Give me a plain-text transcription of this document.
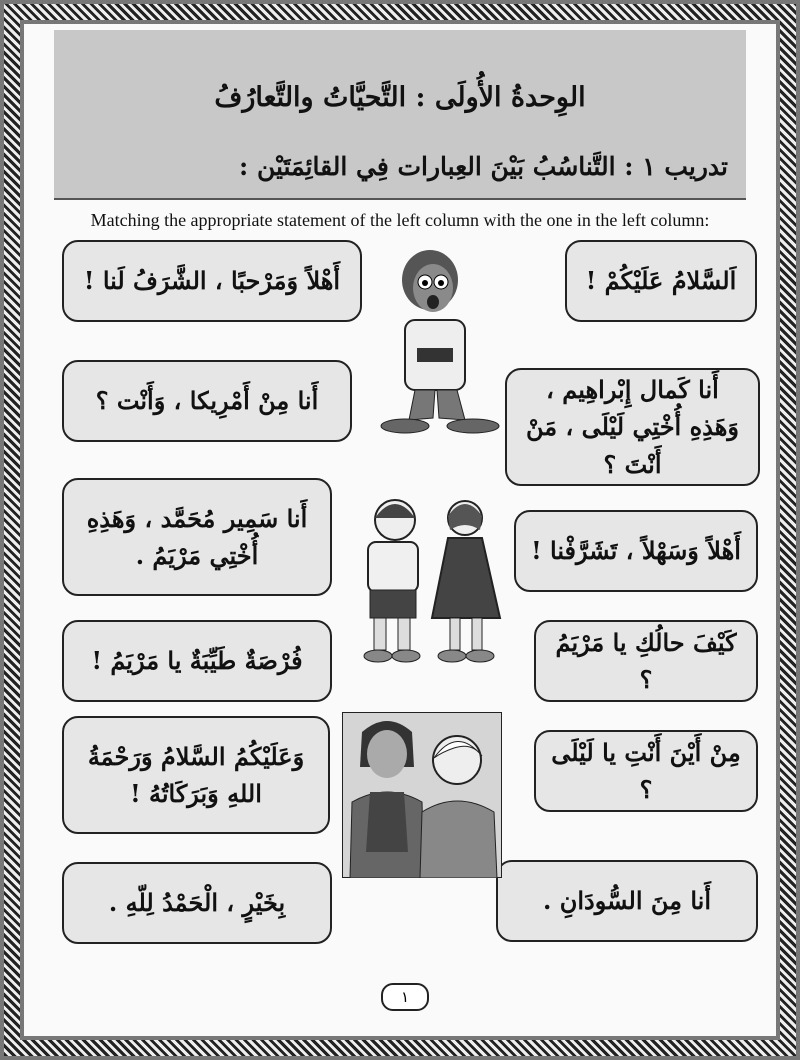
الوِحدةُ الأُولَى : التَّحيَّاتُ والتَّعارُفُ
تدريب ١ : التَّناسُبُ بَيْنَ العِبارات فِي القائِمَتَيْن :
Matching the appropriate statement of the left column with the one in the left column:
أَهْلاً وَمَرْحبًا ، الشَّرَفُ لَنا !
أَنا مِنْ أَمْرِيكا ، وَأَنْت ؟
أَنا سَمِير مُحَمَّد ، وَهَذِهِ أُخْتِي مَرْيَمُ .
فُرْصَةٌ طَيِّبَةٌ يا مَرْيَمُ !
وَعَلَيْكُمُ السَّلامُ وَرَحْمَةُ اللهِ وَبَرَكَاتُهُ !
بِخَيْرٍ ، الْحَمْدُ لِلّهِ .
اَلسَّلامُ عَلَيْكُمْ !
أَنا كَمال إِبْراهِيم ، وَهَذِهِ أُخْتِي لَيْلَى ، مَنْ أَنْتَ ؟
أَهْلاً وَسَهْلاً ، تَشَرَّفْنا !
كَيْفَ حالُكِ يا مَرْيَمُ ؟
مِنْ أَيْنَ أَنْتِ يا لَيْلَى ؟
أَنا مِنَ السُّودَانِ .
١
